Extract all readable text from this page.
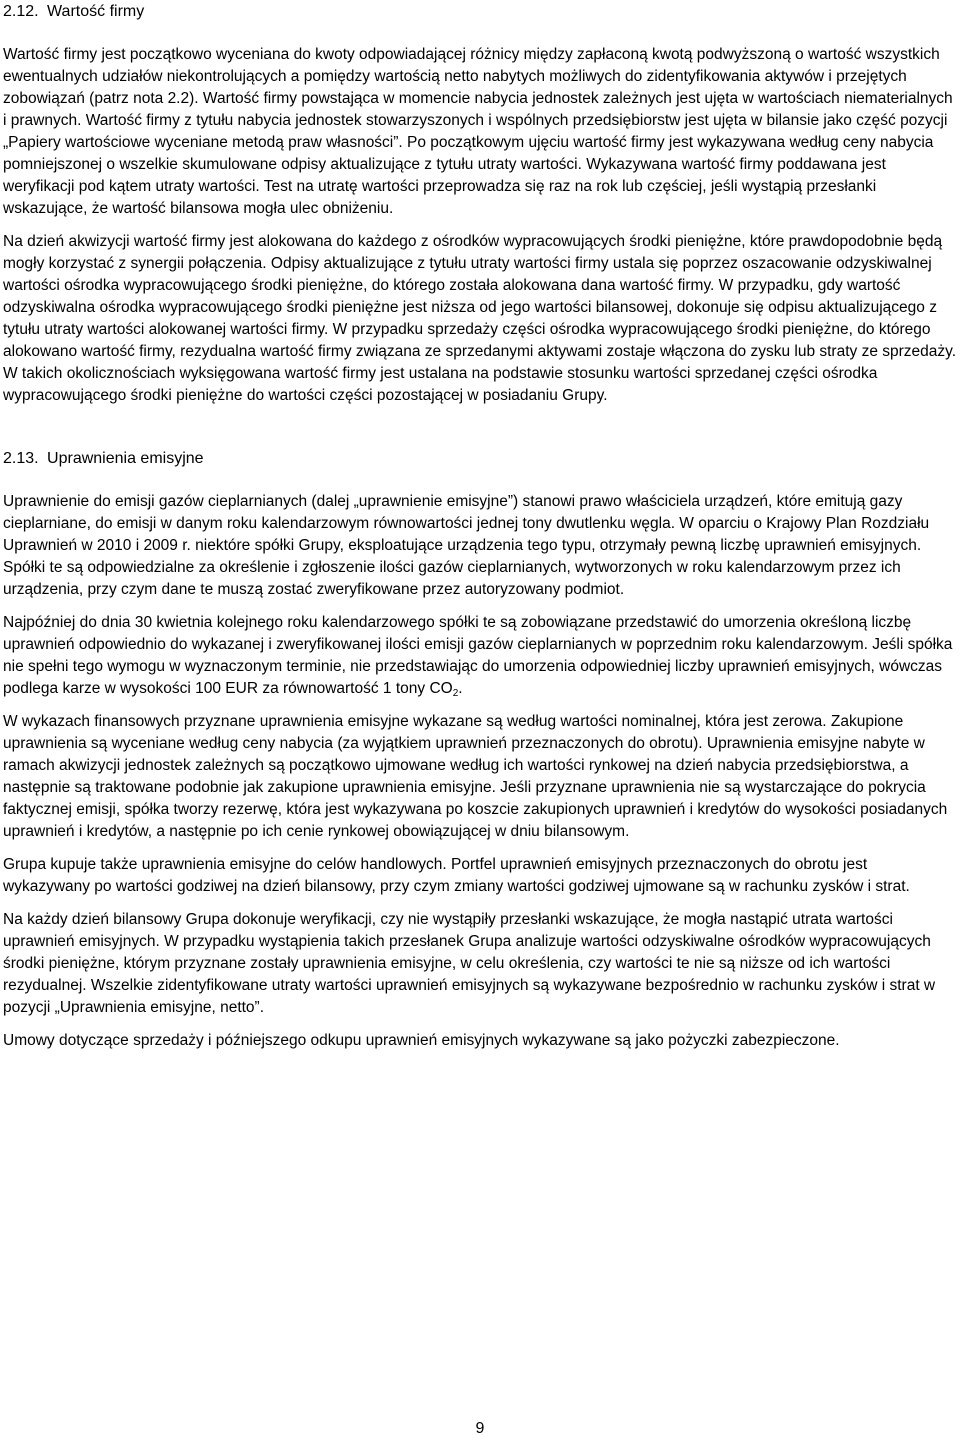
2.12. Wartość firmy

Wartość firmy jest początkowo wyceniana do kwoty odpowiadającej różnicy między zapłaconą kwotą podwyższoną o wartość wszystkich ewentualnych udziałów niekontrolujących a pomiędzy wartością netto nabytych możliwych do zidentyfikowania aktywów i przejętych zobowiązań (patrz nota 2.2). Wartość firmy powstająca w momencie nabycia jednostek zależnych jest ujęta w wartościach niematerialnych i prawnych. Wartość firmy z tytułu nabycia jednostek stowarzyszonych i wspólnych przedsiębiorstw jest ujęta w bilansie jako część pozycji „Papiery wartościowe wyceniane metodą praw własności”. Po początkowym ujęciu wartość firmy jest wykazywana według ceny nabycia pomniejszonej o wszelkie skumulowane odpisy aktualizujące z tytułu utraty wartości. Wykazywana wartość firmy poddawana jest weryfikacji pod kątem utraty wartości. Test na utratę wartości przeprowadza się raz na rok lub częściej, jeśli wystąpią przesłanki wskazujące, że wartość bilansowa mogła ulec obniżeniu.

Na dzień akwizycji wartość firmy jest alokowana do każdego z ośrodków wypracowujących środki pieniężne, które prawdopodobnie będą mogły korzystać z synergii połączenia. Odpisy aktualizujące z tytułu utraty wartości firmy ustala się poprzez oszacowanie odzyskiwalnej wartości ośrodka wypracowującego środki pieniężne, do którego została alokowana dana wartość firmy. W przypadku, gdy wartość odzyskiwalna ośrodka wypracowującego środki pieniężne jest niższa od jego wartości bilansowej, dokonuje się odpisu aktualizującego z tytułu utraty wartości alokowanej wartości firmy. W przypadku sprzedaży części ośrodka wypracowującego środki pieniężne, do którego alokowano wartość firmy, rezydualna wartość firmy związana ze sprzedanymi aktywami zostaje włączona do zysku lub straty ze sprzedaży. W takich okolicznościach wyksięgowana wartość firmy jest ustalana na podstawie stosunku wartości sprzedanej części ośrodka wypracowującego środki pieniężne do wartości części pozostającej w posiadaniu Grupy.

2.13. Uprawnienia emisyjne

Uprawnienie do emisji gazów cieplarnianych (dalej „uprawnienie emisyjne”) stanowi prawo właściciela urządzeń, które emitują gazy cieplarniane, do emisji w danym roku kalendarzowym równowartości jednej tony dwutlenku węgla. W oparciu o Krajowy Plan Rozdziału Uprawnień w 2010 i 2009 r. niektóre spółki Grupy, eksploatujące urządzenia tego typu, otrzymały pewną liczbę uprawnień emisyjnych. Spółki te są odpowiedzialne za określenie i zgłoszenie ilości gazów cieplarnianych, wytworzonych w roku kalendarzowym przez ich urządzenia, przy czym dane te muszą zostać zweryfikowane przez autoryzowany podmiot.

Najpóźniej do dnia 30 kwietnia kolejnego roku kalendarzowego spółki te są zobowiązane przedstawić do umorzenia określoną liczbę uprawnień odpowiednio do wykazanej i zweryfikowanej ilości emisji gazów cieplarnianych w poprzednim roku kalendarzowym. Jeśli spółka nie spełni tego wymogu w wyznaczonym terminie, nie przedstawiając do umorzenia odpowiedniej liczby uprawnień emisyjnych, wówczas podlega karze w wysokości 100 EUR za równowartość 1 tony $CO_2$.

W wykazach finansowych przyznane uprawnienia emisyjne wykazane są według wartości nominalnej, która jest zerowa. Zakupione uprawnienia są wyceniane według ceny nabycia (za wyjątkiem uprawnień przeznaczonych do obrotu). Uprawnienia emisyjne nabyte w ramach akwizycji jednostek zależnych są początkowo ujmowane według ich wartości rynkowej na dzień nabycia przedsiębiorstwa, a następnie są traktowane podobnie jak zakupione uprawnienia emisyjne. Jeśli przyznane uprawnienia nie są wystarczające do pokrycia faktycznej emisji, spółka tworzy rezerwę, która jest wykazywana po koszcie zakupionych uprawnień i kredytów do wysokości posiadanych uprawnień i kredytów, a następnie po ich cenie rynkowej obowiązującej w dniu bilansowym.

Grupa kupuje także uprawnienia emisyjne do celów handlowych. Portfel uprawnień emisyjnych przeznaczonych do obrotu jest wykazywany po wartości godziwej na dzień bilansowy, przy czym zmiany wartości godziwej ujmowane są w rachunku zysków i strat.

Na każdy dzień bilansowy Grupa dokonuje weryfikacji, czy nie wystąpiły przesłanki wskazujące, że mogła nastąpić utrata wartości uprawnień emisyjnych. W przypadku wystąpienia takich przesłanek Grupa analizuje wartości odzyskiwalne ośrodków wypracowujących środki pieniężne, którym przyznane zostały uprawnienia emisyjne, w celu określenia, czy wartości te nie są niższe od ich wartości rezydualnej. Wszelkie zidentyfikowane utraty wartości uprawnień emisyjnych są wykazywane bezpośrednio w rachunku zysków i strat w pozycji „Uprawnienia emisyjne, netto”.

Umowy dotyczące sprzedaży i późniejszego odkupu uprawnień emisyjnych wykazywane są jako pożyczki zabezpieczone.

9
